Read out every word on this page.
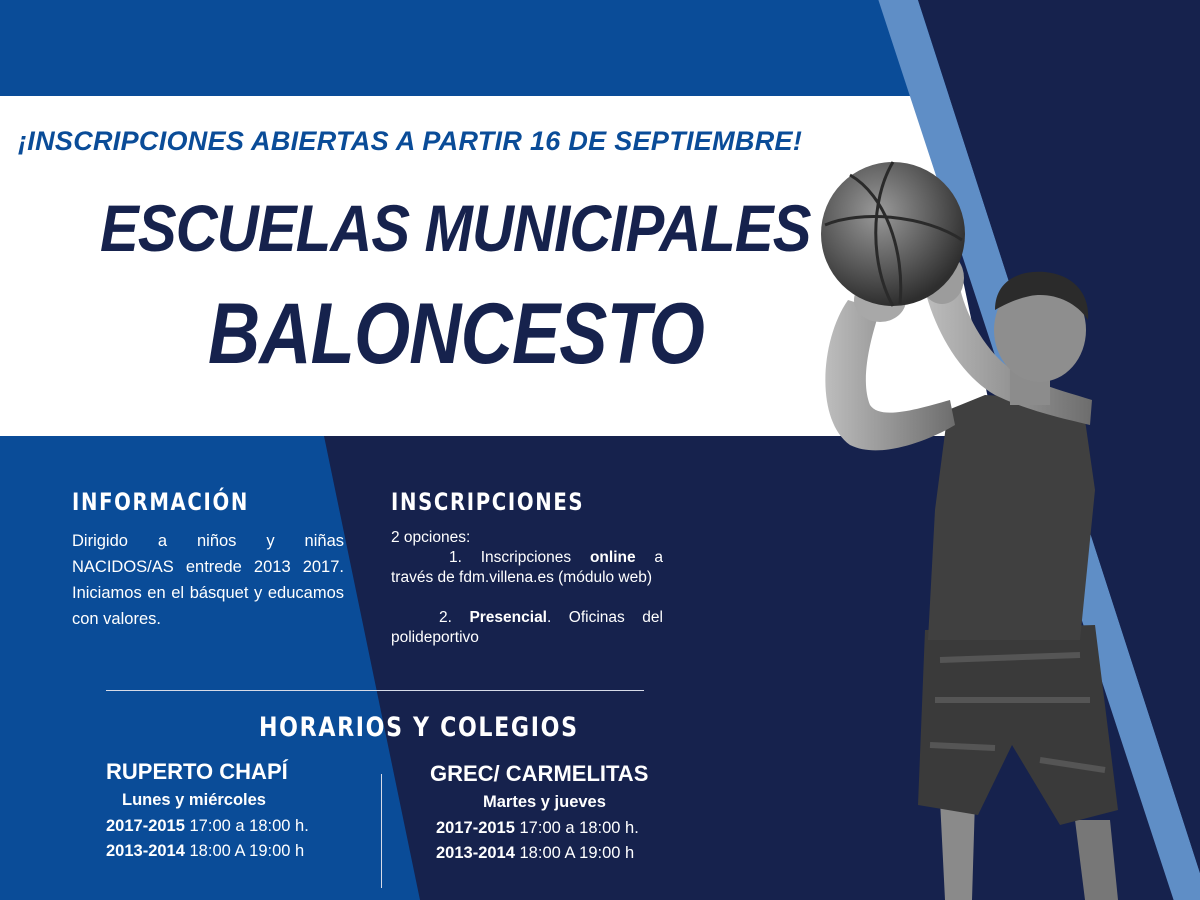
¡INSCRIPCIONES ABIERTAS A PARTIR 16 DE SEPTIEMBRE!
ESCUELAS MUNICIPALES
BALONCESTO
INFORMACIÓN
Dirigido a niños y niñas NACIDOS/AS entrede 2013 2017. Iniciamos en el básquet y educamos con valores.
INSCRIPCIONES

2 opciones:

1. Inscripciones online a través de fdm.villena.es (módulo web)

2. Presencial. Oficinas del polideportivo

HORARIOS Y COLEGIOS
RUPERTO CHAPÍ
Lunes y miércoles
2017-2015 17:00 a 18:00 h.
2013-2014 18:00 A 19:00 h
GREC/ CARMELITAS
Martes y jueves
2017-2015 17:00 a 18:00 h.
2013-2014 18:00 A 19:00 h
